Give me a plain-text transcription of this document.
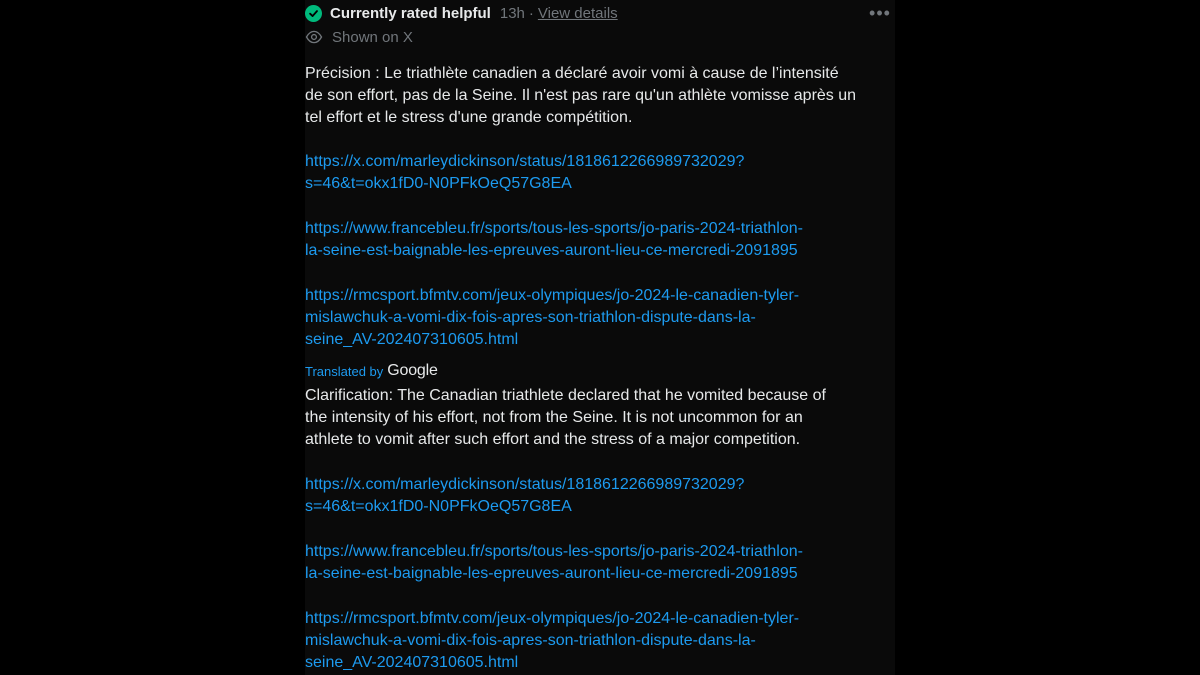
Currently rated helpful 13h · View details	•••
Shown on X
Précision : Le triathlète canadien a déclaré avoir vomi à cause de l’intensité
de son effort, pas de la Seine. Il n'est pas rare qu'un athlète vomisse après un
tel effort et le stress d'une grande compétition.
https://x.com/marleydickinson/status/1818612266989732029?
s=46&t=okx1fD0-N0PFkOeQ57G8EA
https://www.francebleu.fr/sports/tous-les-sports/jo-paris-2024-triathlon-
la-seine-est-baignable-les-epreuves-auront-lieu-ce-mercredi-2091895
https://rmcsport.bfmtv.com/jeux-olympiques/jo-2024-le-canadien-tyler-
mislawchuk-a-vomi-dix-fois-apres-son-triathlon-dispute-dans-la-
seine_AV-202407310605.html
Translated by Google
Clarification: The Canadian triathlete declared that he vomited because of
the intensity of his effort, not from the Seine. It is not uncommon for an
athlete to vomit after such effort and the stress of a major competition.
https://x.com/marleydickinson/status/1818612266989732029?
s=46&t=okx1fD0-N0PFkOeQ57G8EA
https://www.francebleu.fr/sports/tous-les-sports/jo-paris-2024-triathlon-
la-seine-est-baignable-les-epreuves-auront-lieu-ce-mercredi-2091895
https://rmcsport.bfmtv.com/jeux-olympiques/jo-2024-le-canadien-tyler-
mislawchuk-a-vomi-dix-fois-apres-son-triathlon-dispute-dans-la-
seine_AV-202407310605.html
